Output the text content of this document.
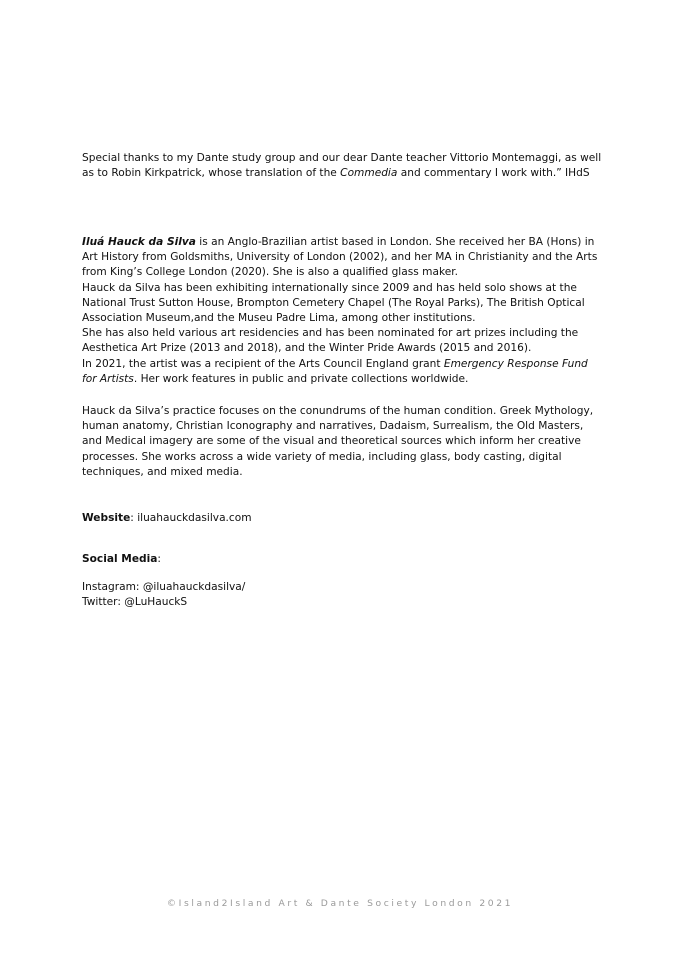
Special thanks to my Dante study group and our dear Dante teacher Vittorio Montemaggi, as well as to Robin Kirkpatrick, whose translation of the Commedia and commentary I work with.” IHdS

Iluá Hauck da Silva is an Anglo-Brazilian artist based in London. She received her BA (Hons) in Art History from Goldsmiths, University of London (2002), and her MA in Christianity and the Arts from King’s College London (2020). She is also a qualified glass maker.

Hauck da Silva has been exhibiting internationally since 2009 and has held solo shows at the National Trust Sutton House, Brompton Cemetery Chapel (The Royal Parks), The British Optical Association Museum,and the Museu Padre Lima, among other institutions.

She has also held various art residencies and has been nominated for art prizes including the Aesthetica Art Prize (2013 and 2018), and the Winter Pride Awards (2015 and 2016).

In 2021, the artist was a recipient of the Arts Council England grant Emergency Response Fund for Artists. Her work features in public and private collections worldwide.

Hauck da Silva’s practice focuses on the conundrums of the human condition. Greek Mythology, human anatomy, Christian Iconography and narratives, Dadaism, Surrealism, the Old Masters, and Medical imagery are some of the visual and theoretical sources which inform her creative processes. She works across a wide variety of media, including glass, body casting, digital techniques, and mixed media.

Website: iluahauckdasilva.com

Social Media:

Instagram: @iluahauckdasilva/

Twitter: @LuHauckS

©Island2Island Art & Dante Society London 2021
